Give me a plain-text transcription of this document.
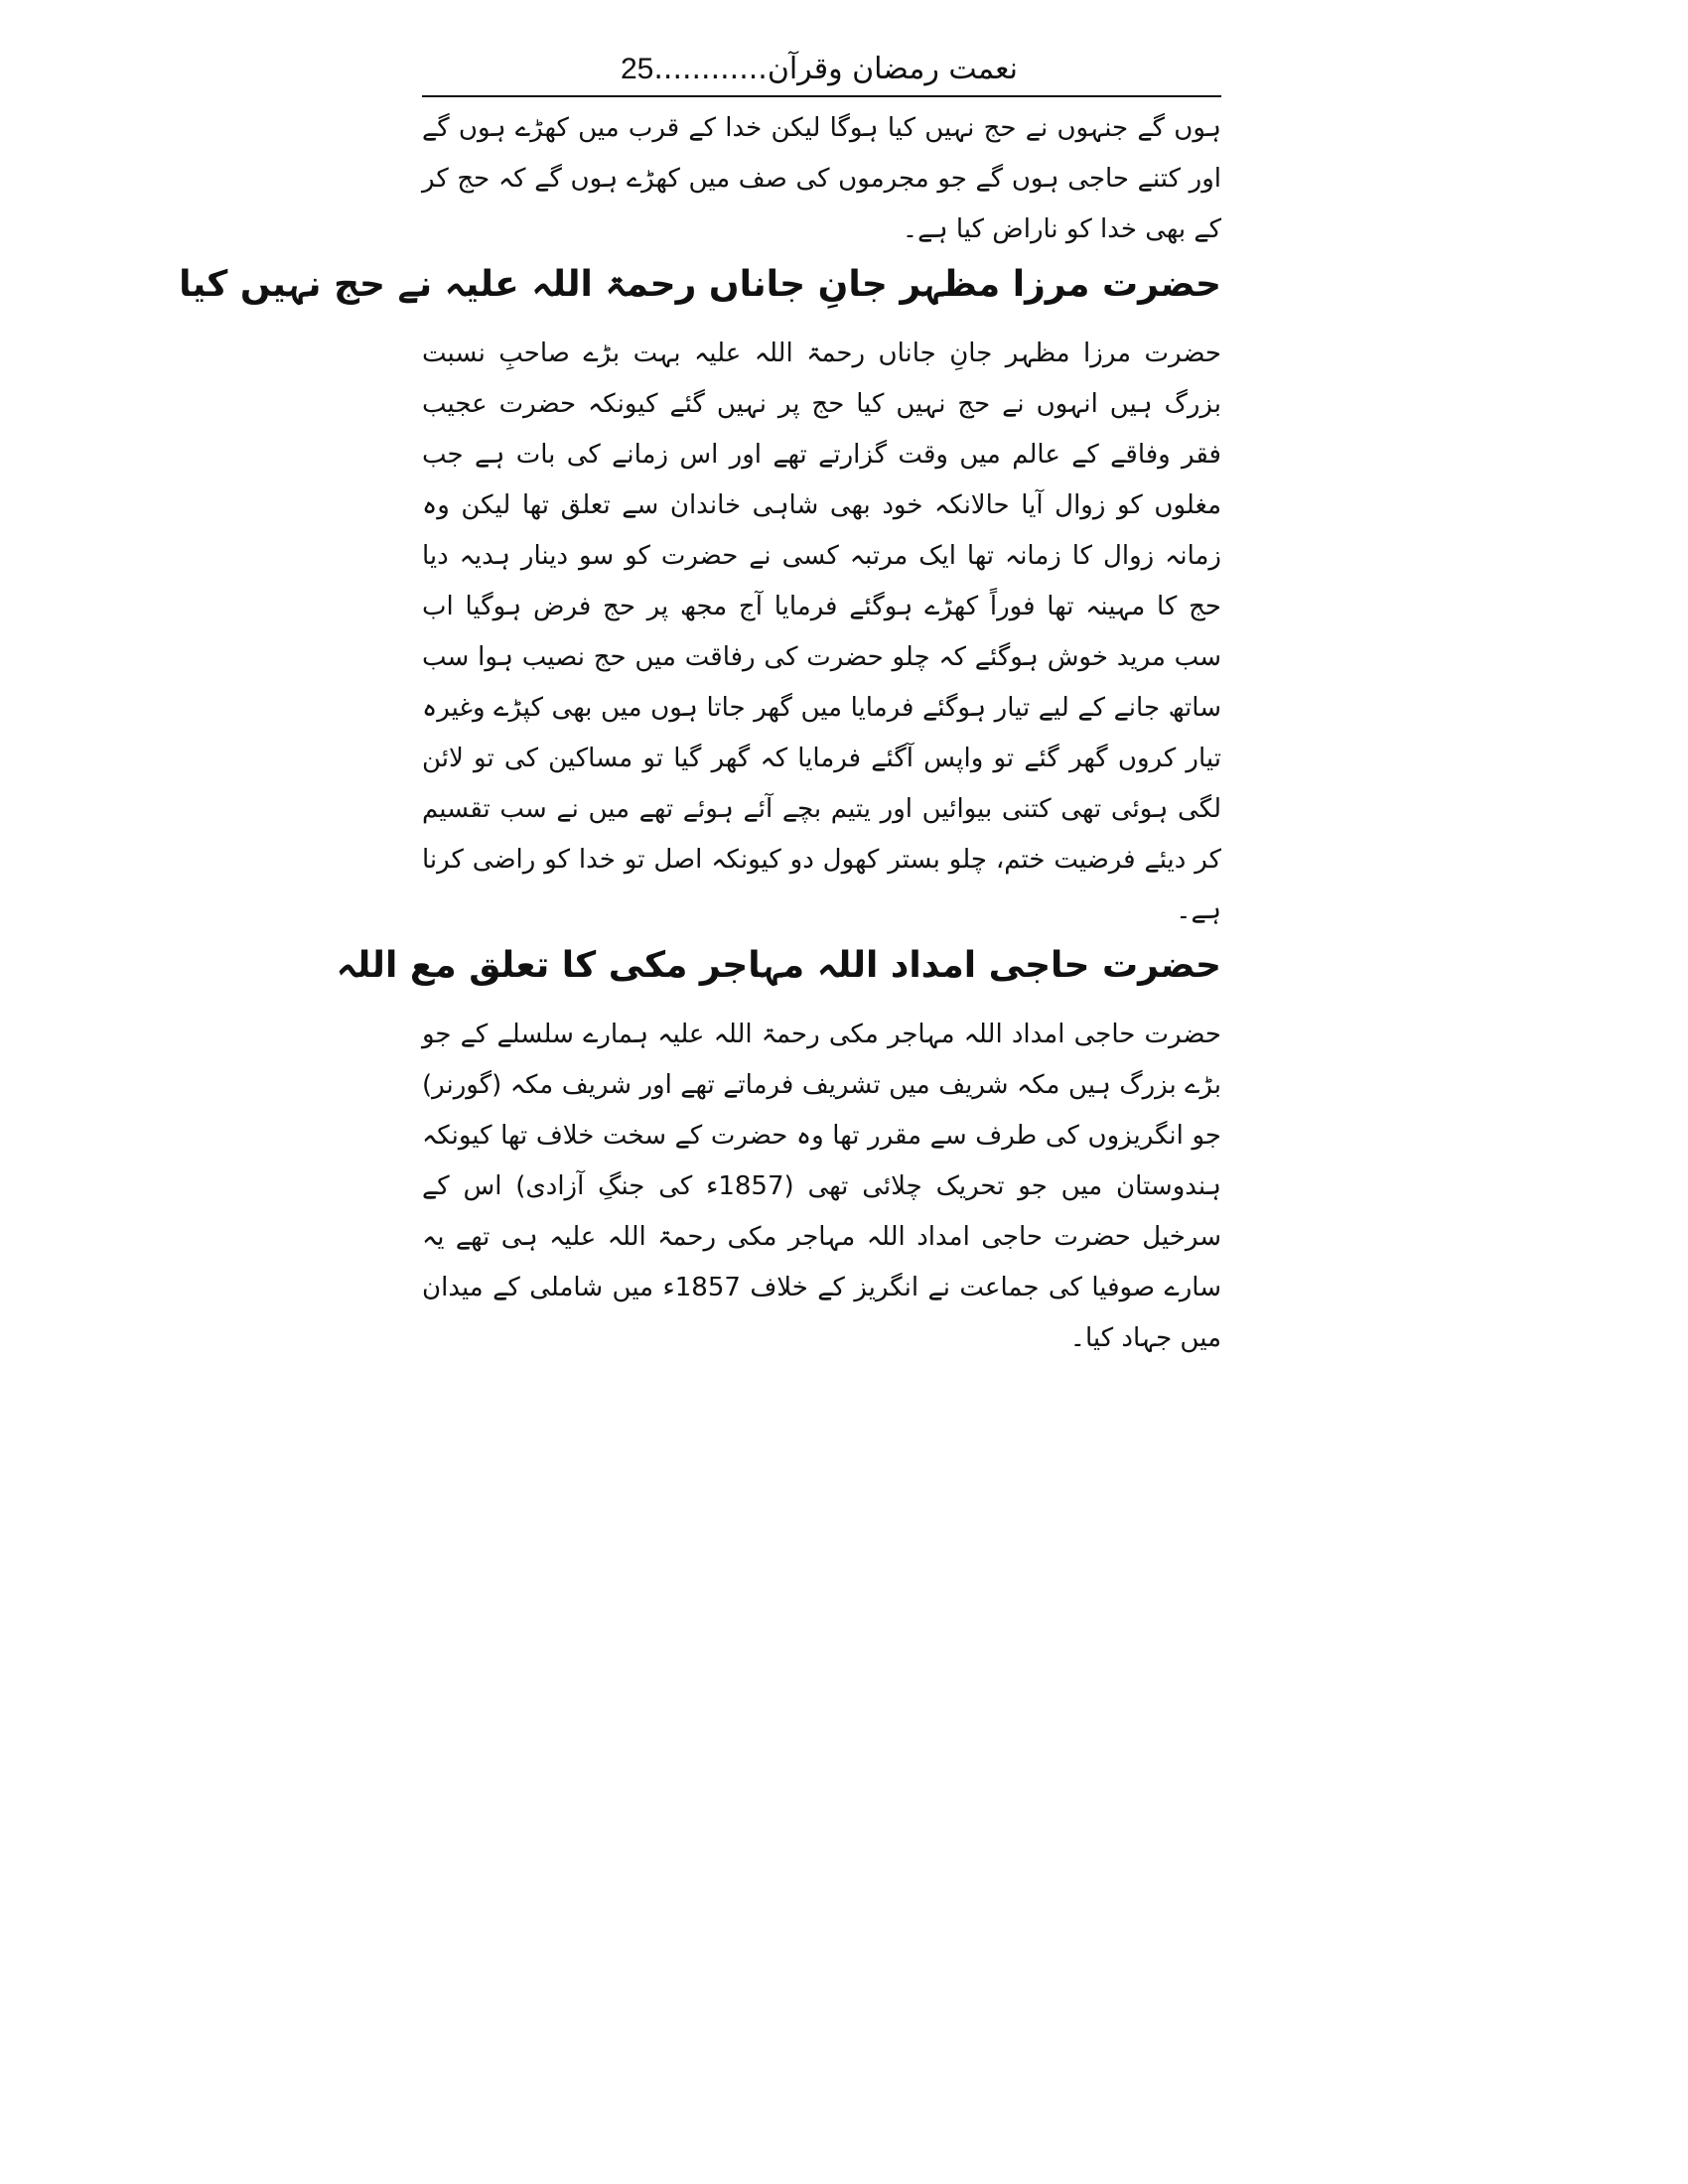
نعمت رمضان وقرآن............25

ہوں گے جنہوں نے حج نہیں کیا ہوگا لیکن خدا کے قرب میں کھڑے ہوں گے اور کتنے حاجی ہوں گے جو مجرموں کی صف میں کھڑے ہوں گے کہ حج کر کے بھی خدا کو ناراض کیا ہے۔

حضرت مرزا مظہر جانِ جاناں رحمۃ اللہ علیہ نے حج نہیں کیا

حضرت مرزا مظہر جانِ جاناں رحمۃ اللہ علیہ بہت بڑے صاحبِ نسبت بزرگ ہیں انہوں نے حج نہیں کیا حج پر نہیں گئے کیونکہ حضرت عجیب فقر وفاقے کے عالم میں وقت گزارتے تھے اور اس زمانے کی بات ہے جب مغلوں کو زوال آیا حالانکہ خود بھی شاہی خاندان سے تعلق تھا لیکن وہ زمانہ زوال کا زمانہ تھا ایک مرتبہ کسی نے حضرت کو سو دینار ہدیہ دیا حج کا مہینہ تھا فوراً کھڑے ہوگئے فرمایا آج مجھ پر حج فرض ہوگیا اب سب مرید خوش ہوگئے کہ چلو حضرت کی رفاقت میں حج نصیب ہوا سب ساتھ جانے کے لیے تیار ہوگئے فرمایا میں گھر جاتا ہوں میں بھی کپڑے وغیرہ تیار کروں گھر گئے تو واپس آگئے فرمایا کہ گھر گیا تو مساکین کی تو لائن لگی ہوئی تھی کتنی بیوائیں اور یتیم بچے آئے ہوئے تھے میں نے سب تقسیم کر دیئے فرضیت ختم، چلو بستر کھول دو کیونکہ اصل تو خدا کو راضی کرنا ہے۔

حضرت حاجی امداد اللہ مہاجر مکی کا تعلق مع اللہ

حضرت حاجی امداد اللہ مہاجر مکی رحمۃ اللہ علیہ ہمارے سلسلے کے جو بڑے بزرگ ہیں مکہ شریف میں تشریف فرماتے تھے اور شریف مکہ (گورنر) جو انگریزوں کی طرف سے مقرر تھا وہ حضرت کے سخت خلاف تھا کیونکہ ہندوستان میں جو تحریک چلائی تھی (1857ء کی جنگِ آزادی) اس کے سرخیل حضرت حاجی امداد اللہ مہاجر مکی رحمۃ اللہ علیہ ہی تھے یہ سارے صوفیا کی جماعت نے انگریز کے خلاف 1857ء میں شاملی کے میدان میں جہاد کیا۔
